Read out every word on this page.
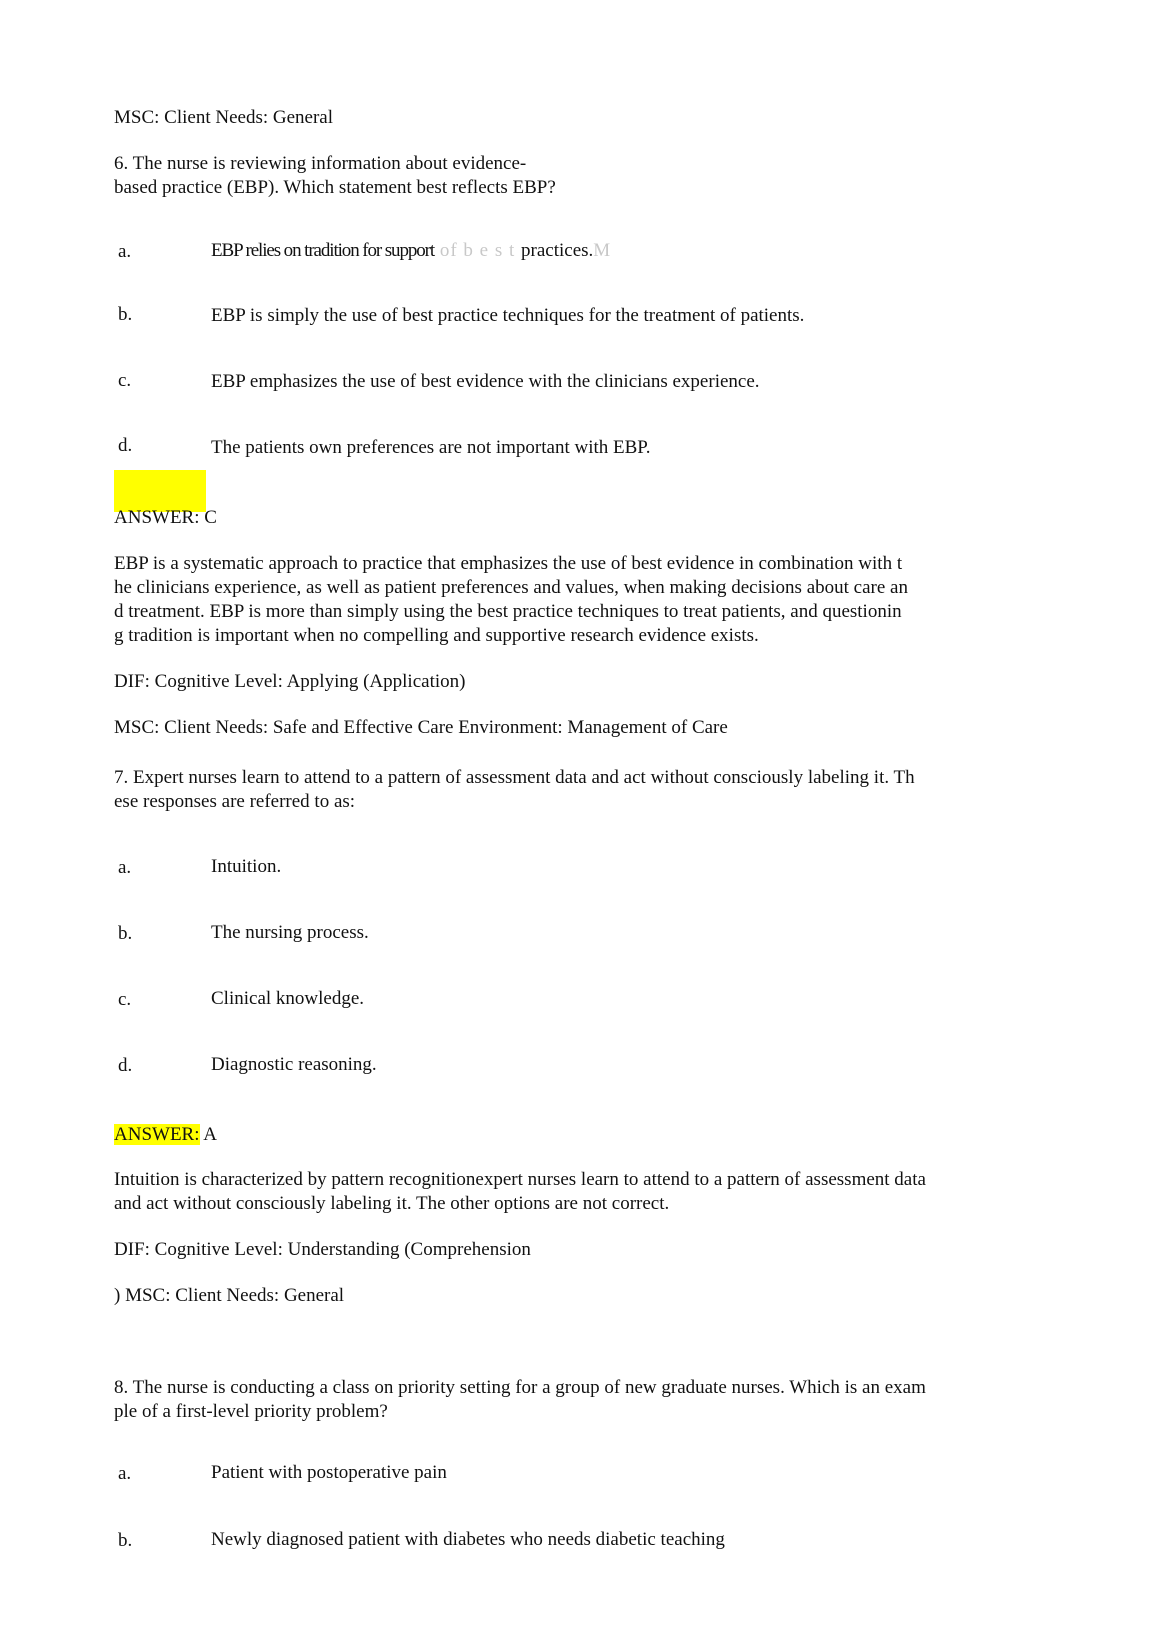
MSC: Client Needs: General
6. The nurse is reviewing information about evidence-
based practice (EBP). Which statement best reflects EBP?
a.	EBP relies on tradition for support of b e s t practices.M
b.	EBP is simply the use of best practice techniques for the treatment of patients.
c.	EBP emphasizes the use of best evidence with the clinicians experience.
d.	The patients own preferences are not important with EBP.
ANSWER: C
EBP is a systematic approach to practice that emphasizes the use of best evidence in combination with t
he clinicians experience, as well as patient preferences and values, when making decisions about care an
d treatment. EBP is more than simply using the best practice techniques to treat patients, and questionin
g tradition is important when no compelling and supportive research evidence exists.
DIF: Cognitive Level: Applying (Application)
MSC: Client Needs: Safe and Effective Care Environment: Management of Care
7. Expert nurses learn to attend to a pattern of assessment data and act without consciously labeling it. Th
ese responses are referred to as:
a.	Intuition.
b.	The nursing process.
c.	Clinical knowledge.
d.	Diagnostic reasoning.
ANSWER: A
Intuition is characterized by pattern recognitionexpert nurses learn to attend to a pattern of assessment data
and act without consciously labeling it. The other options are not correct.
DIF: Cognitive Level: Understanding (Comprehension
) MSC: Client Needs: General
8. The nurse is conducting a class on priority setting for a group of new graduate nurses. Which is an exam
ple of a first-level priority problem?
a.	Patient with postoperative pain
b.	Newly diagnosed patient with diabetes who needs diabetic teaching
